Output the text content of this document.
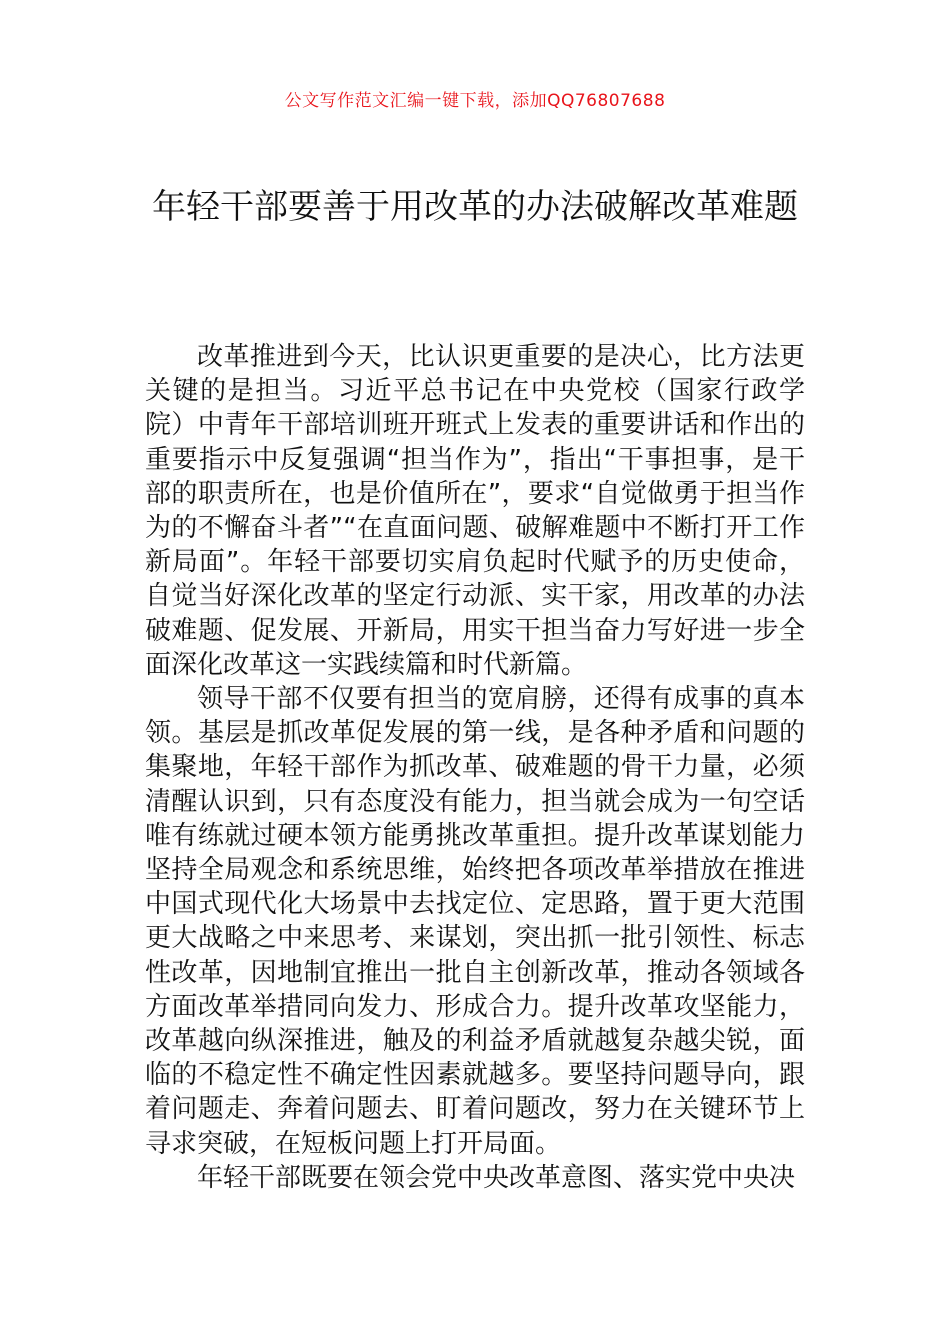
公文写作范文汇编一键下载，添加QQ76807688
年轻干部要善于用改革的办法破解改革难题

改革推进到今天，比认识更重要的是决心，比方法更关键的是担当。习近平总书记在中央党校（国家行政学院）中青年干部培训班开班式上发表的重要讲话和作出的重要指示中反复强调“担当作为”，指出“干事担事，是干部的职责所在，也是价值所在”，要求“自觉做勇于担当作为的不懈奋斗者”“在直面问题、破解难题中不断打开工作新局面”。年轻干部要切实肩负起时代赋予的历史使命，自觉当好深化改革的坚定行动派、实干家，用改革的办法破难题、促发展、开新局，用实干担当奋力写好进一步全面深化改革这一实践续篇和时代新篇。

领导干部不仅要有担当的宽肩膀，还得有成事的真本领。基层是抓改革促发展的第一线，是各种矛盾和问题的集聚地，年轻干部作为抓改革、破难题的骨干力量，必须清醒认识到，只有态度没有能力，担当就会成为一句空话唯有练就过硬本领方能勇挑改革重担。提升改革谋划能力坚持全局观念和系统思维，始终把各项改革举措放在推进中国式现代化大场景中去找定位、定思路，置于更大范围更大战略之中来思考、来谋划，突出抓一批引领性、标志性改革，因地制宜推出一批自主创新改革，推动各领域各方面改革举措同向发力、形成合力。提升改革攻坚能力，改革越向纵深推进，触及的利益矛盾就越复杂越尖锐，面临的不稳定性不确定性因素就越多。要坚持问题导向，跟着问题走、奔着问题去、盯着问题改，努力在关键环节上寻求突破，在短板问题上打开局面。

年轻干部既要在领会党中央改革意图、落实党中央决
